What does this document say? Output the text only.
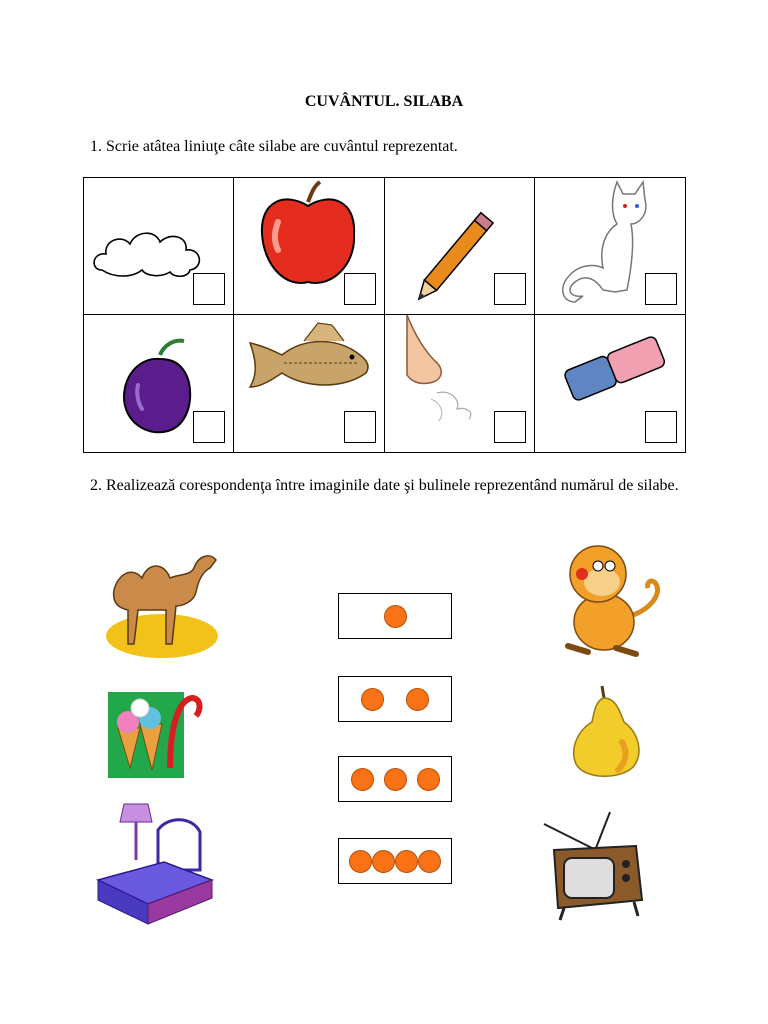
CUVÂNTUL. SILABA
1. Scrie atâtea liniuţe câte silabe are cuvântul reprezentat.
2. Realizează corespondenţa între imaginile date şi bulinele reprezentând numărul de silabe.
